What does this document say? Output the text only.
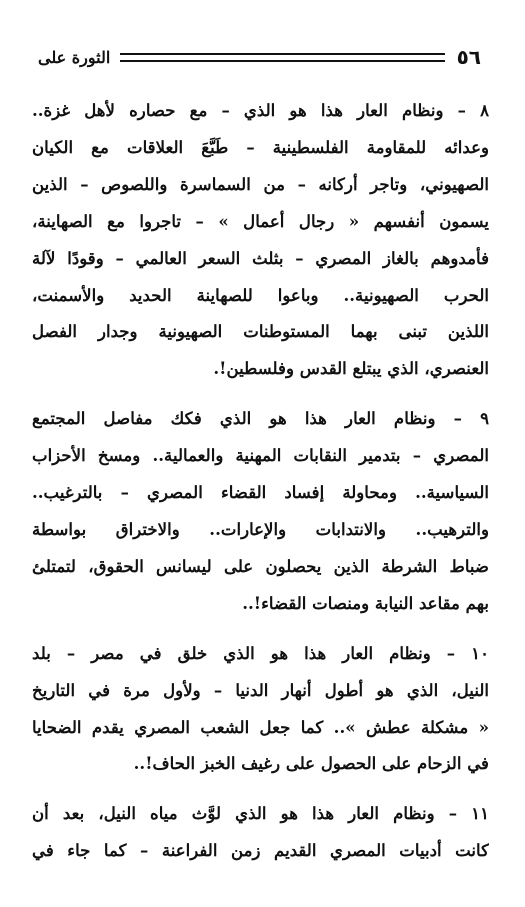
٥٦
الثورة على
٨ – ونظام العار هذا هو الذي – مع حصاره لأهل غزة..
وعدائه للمقاومة الفلسطينية – طَبَّعَ العلاقات مع الكيان
الصهيوني، وتاجر أركانه – من السماسرة واللصوص – الذين
يسمون أنفسهم « رجال أعمال » – تاجروا مع الصهاينة،
فأمدوهم بالغاز المصري – بثلث السعر العالمي – وقودًا لآلة
الحرب الصهيونية.. وباعوا للصهاينة الحديد والأسمنت،
اللذين تبنى بهما المستوطنات الصهيونية وجدار الفصل
العنصري، الذي يبتلع القدس وفلسطين!.
٩ – ونظام العار هذا هو الذي فكك مفاصل المجتمع
المصري – بتدمير النقابات المهنية والعمالية.. ومسخ الأحزاب
السياسية.. ومحاولة إفساد القضاء المصري – بالترغيب..
والترهيب.. والانتدابات والإعارات.. والاختراق بواسطة
ضباط الشرطة الذين يحصلون على ليسانس الحقوق، لتمتلئ
بهم مقاعد النيابة ومنصات القضاء!..
١٠ – ونظام العار هذا هو الذي خلق في مصر – بلد
النيل، الذي هو أطول أنهار الدنيا – ولأول مرة في التاريخ
« مشكلة عطش ».. كما جعل الشعب المصري يقدم الضحايا
في الزحام على الحصول على رغيف الخبز الحاف!..
١١ – ونظام العار هذا هو الذي لوَّث مياه النيل، بعد أن
كانت أدبيات المصري القديم زمن الفراعنة – كما جاء في
